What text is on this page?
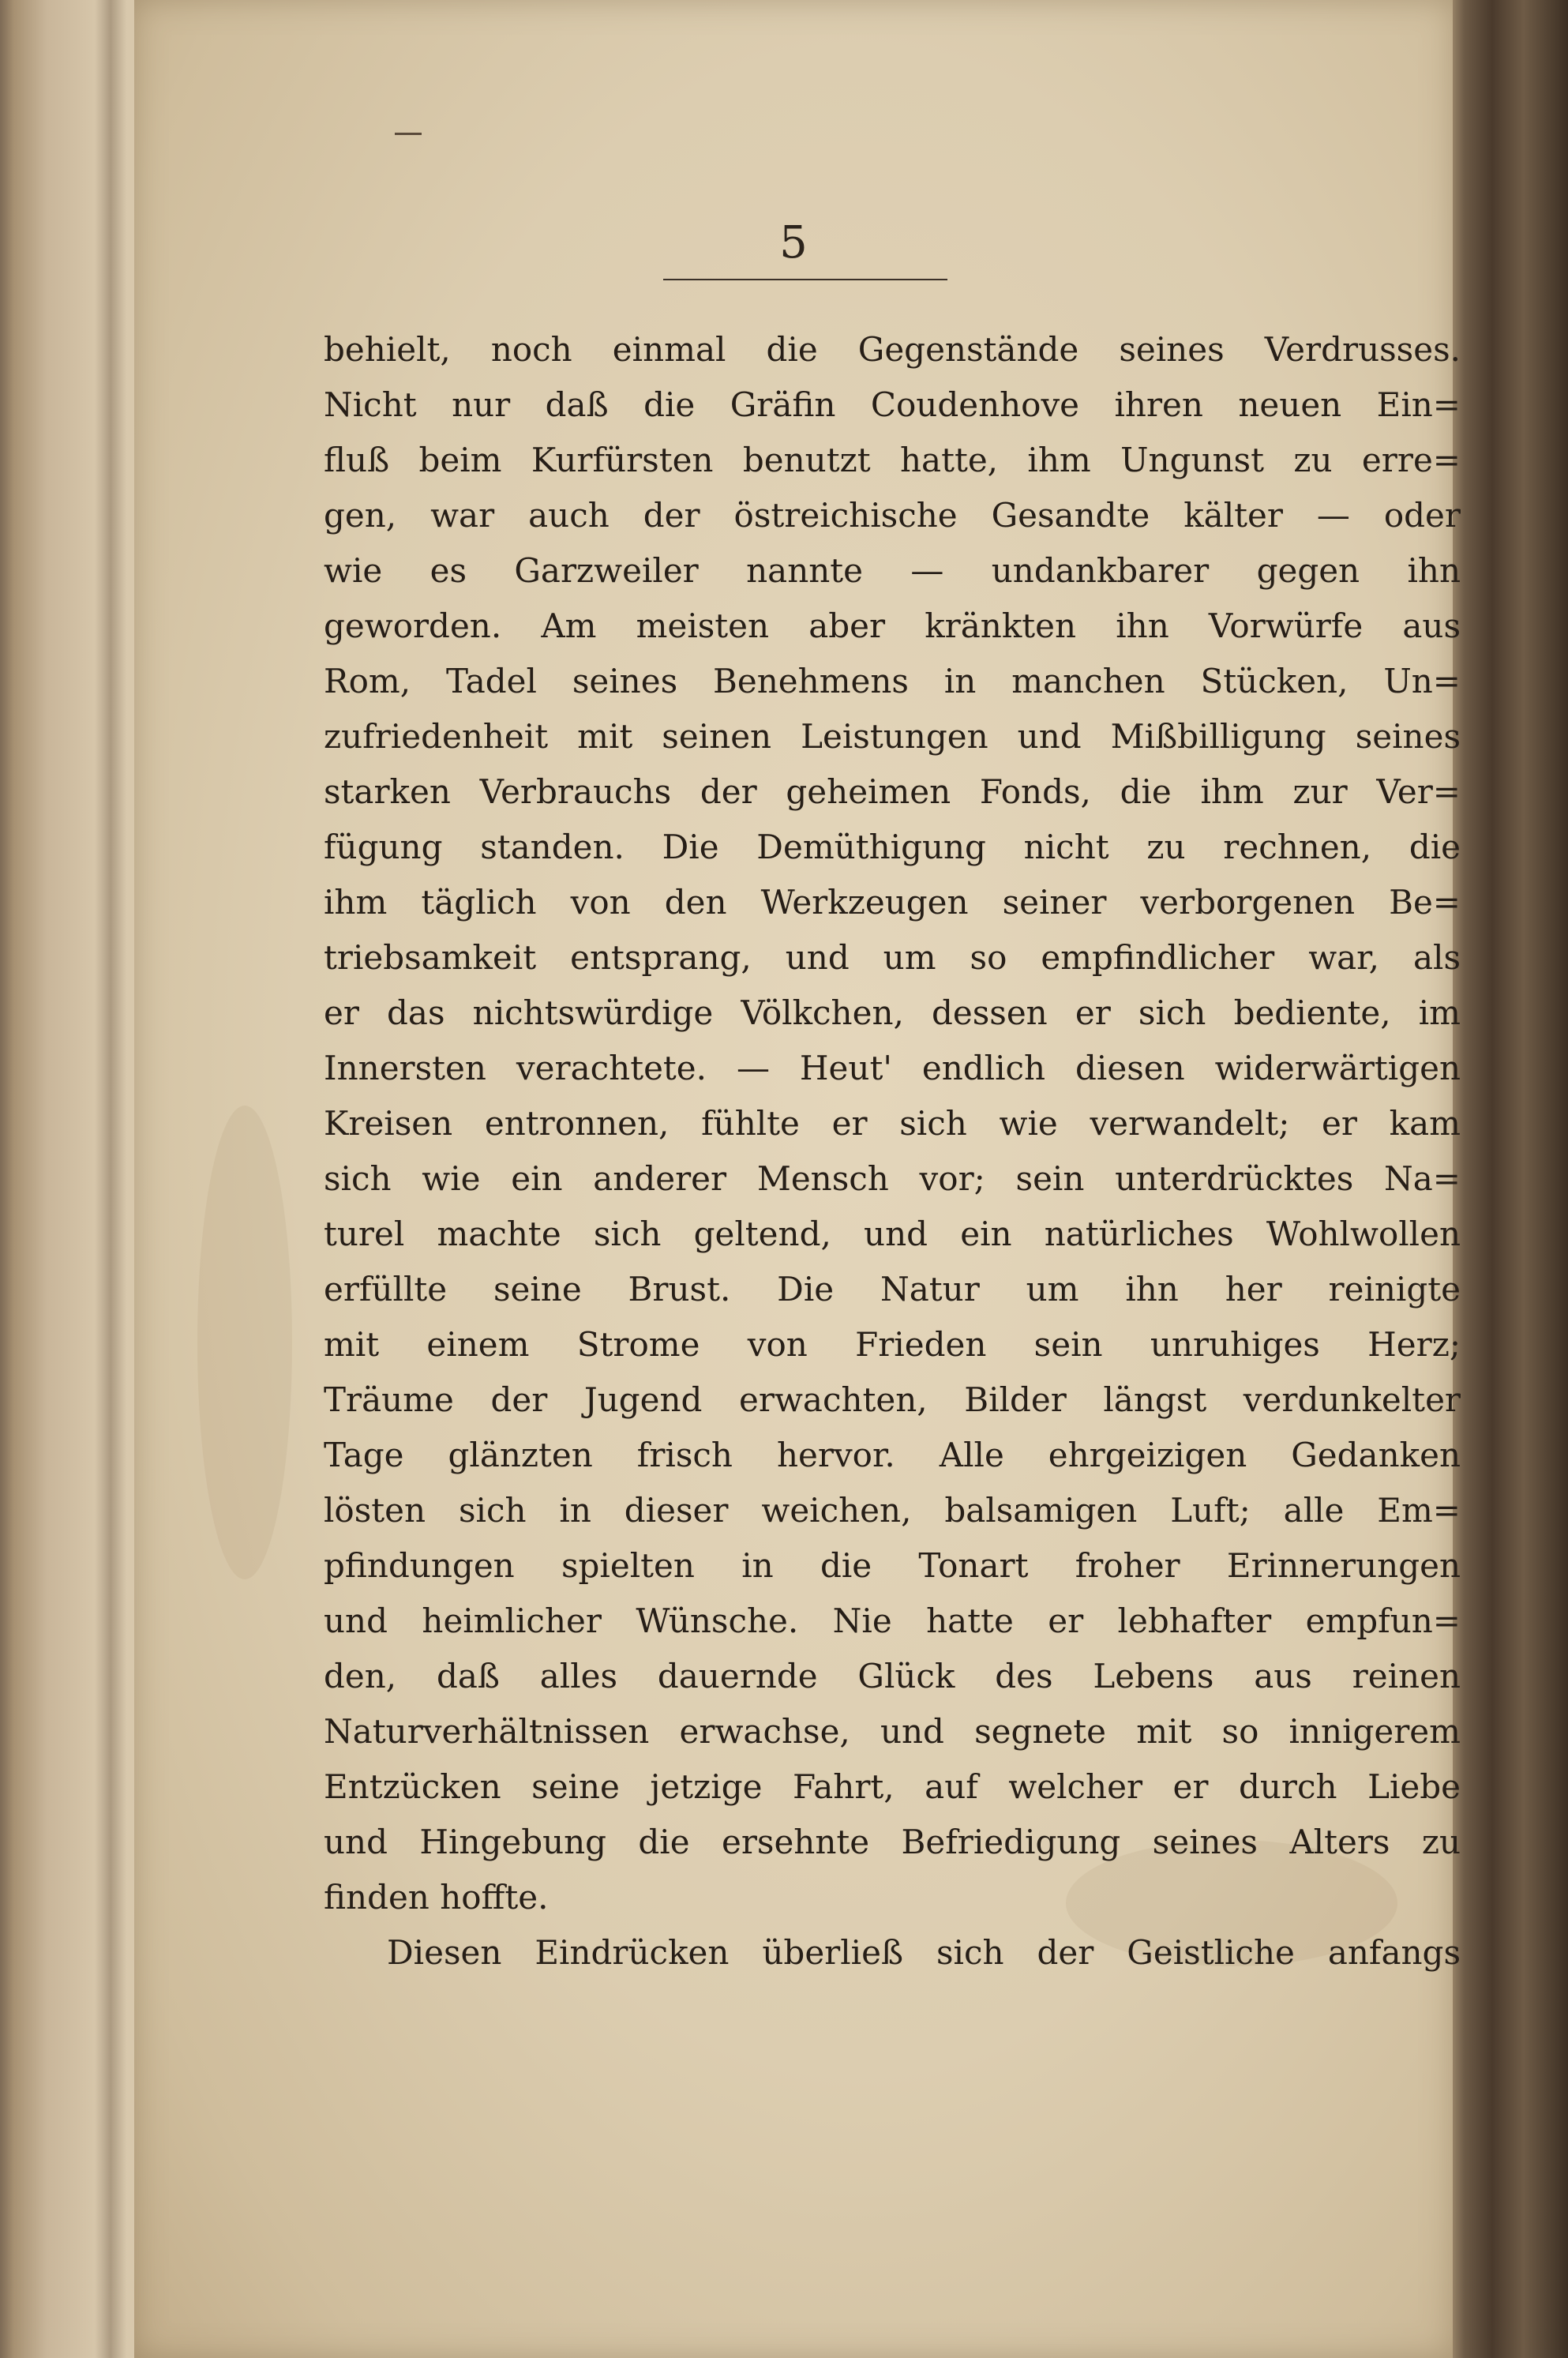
5

behielt, noch einmal die Gegenstände seines Verdrusses.
Nicht nur daß die Gräfin Coudenhove ihren neuen Ein=
fluß beim Kurfürsten benutzt hatte, ihm Ungunst zu erre=
gen, war auch der östreichische Gesandte kälter — oder
wie es Garzweiler nannte — undankbarer gegen ihn
geworden. Am meisten aber kränkten ihn Vorwürfe aus
Rom, Tadel seines Benehmens in manchen Stücken, Un=
zufriedenheit mit seinen Leistungen und Mißbilligung seines
starken Verbrauchs der geheimen Fonds, die ihm zur Ver=
fügung standen. Die Demüthigung nicht zu rechnen, die
ihm täglich von den Werkzeugen seiner verborgenen Be=
triebsamkeit entsprang, und um so empfindlicher war, als
er das nichtswürdige Völkchen, dessen er sich bediente, im
Innersten verachtete. — Heut' endlich diesen widerwärtigen
Kreisen entronnen, fühlte er sich wie verwandelt; er kam
sich wie ein anderer Mensch vor; sein unterdrücktes Na=
turel machte sich geltend, und ein natürliches Wohlwollen
erfüllte seine Brust. Die Natur um ihn her reinigte
mit einem Strome von Frieden sein unruhiges Herz;
Träume der Jugend erwachten, Bilder längst verdunkelter
Tage glänzten frisch hervor. Alle ehrgeizigen Gedanken
lösten sich in dieser weichen, balsamigen Luft; alle Em=
pfindungen spielten in die Tonart froher Erinnerungen
und heimlicher Wünsche. Nie hatte er lebhafter empfun=
den, daß alles dauernde Glück des Lebens aus reinen
Naturverhältnissen erwachse, und segnete mit so innigerem
Entzücken seine jetzige Fahrt, auf welcher er durch Liebe
und Hingebung die ersehnte Befriedigung seines Alters zu
finden hoffte.
Diesen Eindrücken überließ sich der Geistliche anfangs
